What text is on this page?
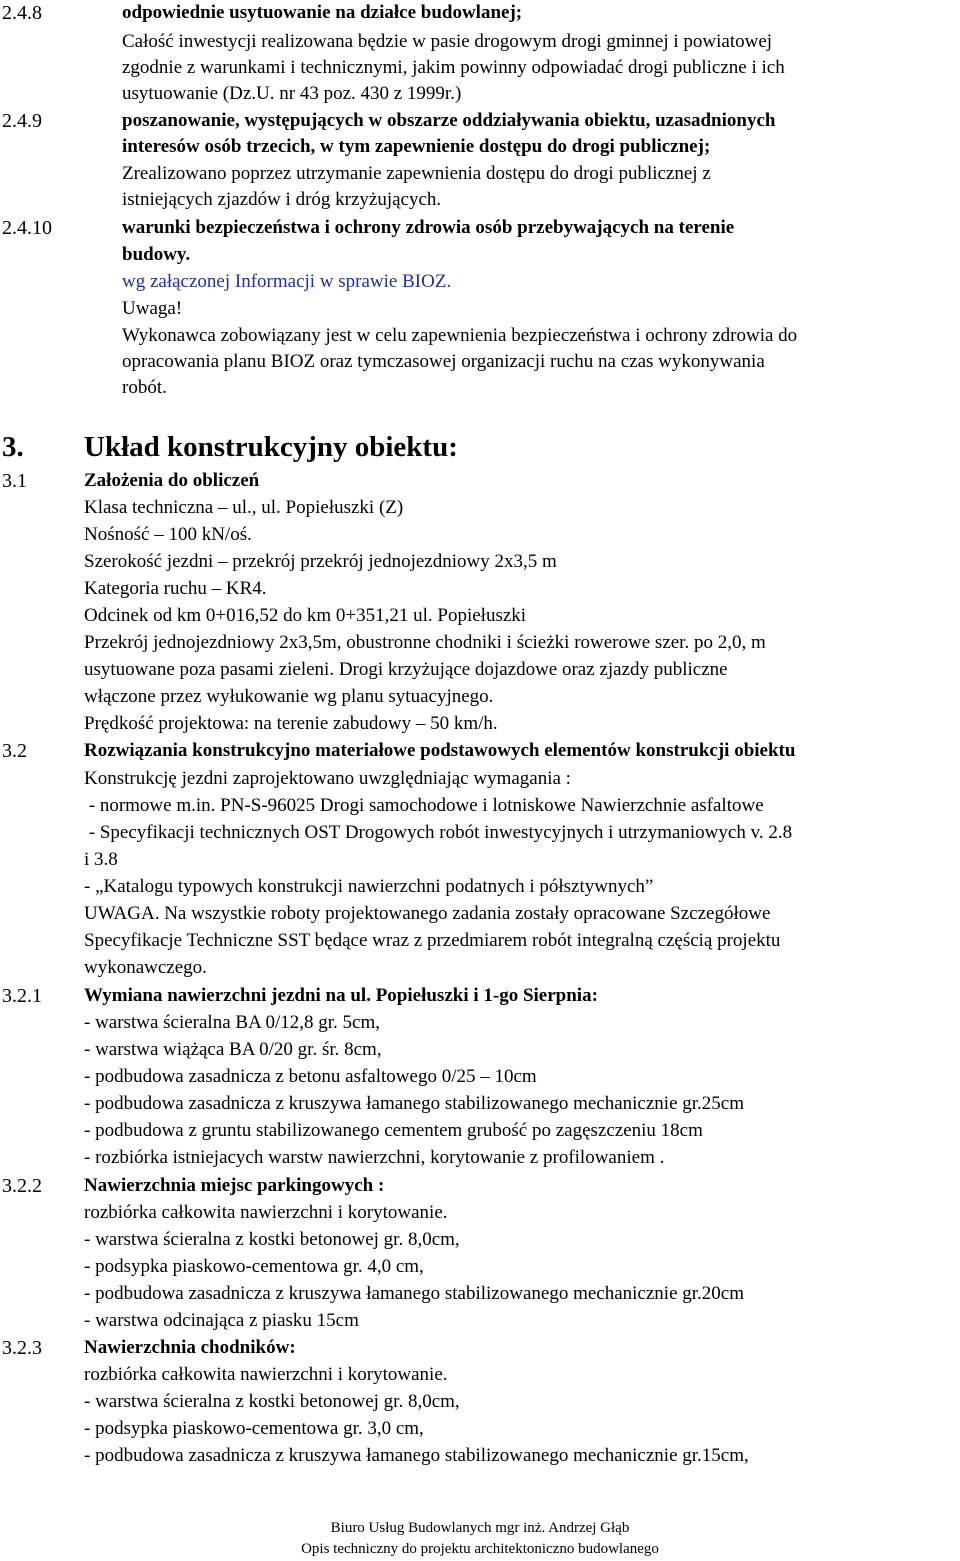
2.4.8	odpowiednie usytuowanie na działce budowlanej;
Całość inwestycji realizowana będzie w pasie drogowym drogi gminnej i powiatowej
zgodnie z warunkami i technicznymi, jakim powinny odpowiadać drogi publiczne i ich
usytuowanie (Dz.U. nr 43 poz. 430 z 1999r.)
2.4.9	poszanowanie, występujących w obszarze oddziaływania obiektu, uzasadnionych
interesów osób trzecich, w tym zapewnienie dostępu do drogi publicznej;
Zrealizowano poprzez utrzymanie zapewnienia dostępu do drogi publicznej z
istniejących zjazdów i dróg krzyżujących.
2.4.10	warunki bezpieczeństwa i ochrony zdrowia osób przebywających na terenie
budowy.
wg załączonej Informacji w sprawie BIOZ.
Uwaga!
Wykonawca zobowiązany jest w celu zapewnienia bezpieczeństwa i ochrony zdrowia do
opracowania planu BIOZ oraz tymczasowej organizacji ruchu na czas wykonywania
robót.
3. Układ konstrukcyjny obiektu:
3.1	Założenia do obliczeń
Klasa techniczna – ul., ul. Popiełuszki (Z)
Nośność – 100 kN/oś.
Szerokość jezdni – przekrój przekrój jednojezdniowy 2x3,5 m
Kategoria ruchu – KR4.
Odcinek od km 0+016,52 do km 0+351,21 ul. Popiełuszki
Przekrój jednojezdniowy 2x3,5m, obustronne chodniki i ścieżki rowerowe szer. po 2,0, m
usytuowane poza pasami zieleni. Drogi krzyżujące dojazdowe oraz zjazdy publiczne
włączone przez wyłukowanie wg planu sytuacyjnego.
Prędkość projektowa: na terenie zabudowy – 50 km/h.
3.2	Rozwiązania konstrukcyjno materiałowe podstawowych elementów konstrukcji obiektu
Konstrukcję jezdni zaprojektowano uwzględniając wymagania :
- normowe m.in. PN-S-96025 Drogi samochodowe i lotniskowe Nawierzchnie asfaltowe
- Specyfikacji technicznych OST Drogowych robót inwestycyjnych i utrzymaniowych v. 2.8
i 3.8
- „Katalogu typowych konstrukcji nawierzchni podatnych i półsztywnych”
UWAGA. Na wszystkie roboty projektowanego zadania zostały opracowane Szczegółowe
Specyfikacje Techniczne SST będące wraz z przedmiarem robót integralną częścią projektu
wykonawczego.
3.2.1 Wymiana nawierzchni jezdni na ul. Popiełuszki i 1-go Sierpnia:
- warstwa ścieralna BA 0/12,8 gr. 5cm,
- warstwa wiążąca BA 0/20 gr. śr. 8cm,
- podbudowa zasadnicza z betonu asfaltowego 0/25 – 10cm
- podbudowa zasadnicza z kruszywa łamanego stabilizowanego mechanicznie gr.25cm
- podbudowa z gruntu stabilizowanego cementem grubość po zagęszczeniu 18cm
- rozbiórka istniejacych warstw nawierzchni, korytowanie z profilowaniem .
3.2.2 Nawierzchnia miejsc parkingowych :
rozbiórka całkowita nawierzchni i korytowanie.
- warstwa ścieralna z kostki betonowej gr. 8,0cm,
- podsypka piaskowo-cementowa gr. 4,0 cm,
- podbudowa zasadnicza z kruszywa łamanego stabilizowanego mechanicznie gr.20cm
- warstwa odcinająca z piasku 15cm
3.2.3 Nawierzchnia chodników:
rozbiórka całkowita nawierzchni i korytowanie.
- warstwa ścieralna z kostki betonowej gr. 8,0cm,
- podsypka piaskowo-cementowa gr. 3,0 cm,
- podbudowa zasadnicza z kruszywa łamanego stabilizowanego mechanicznie gr.15cm,
Biuro Usług Budowlanych mgr inż. Andrzej Głąb
Opis techniczny do projektu architektoniczno budowlanego
